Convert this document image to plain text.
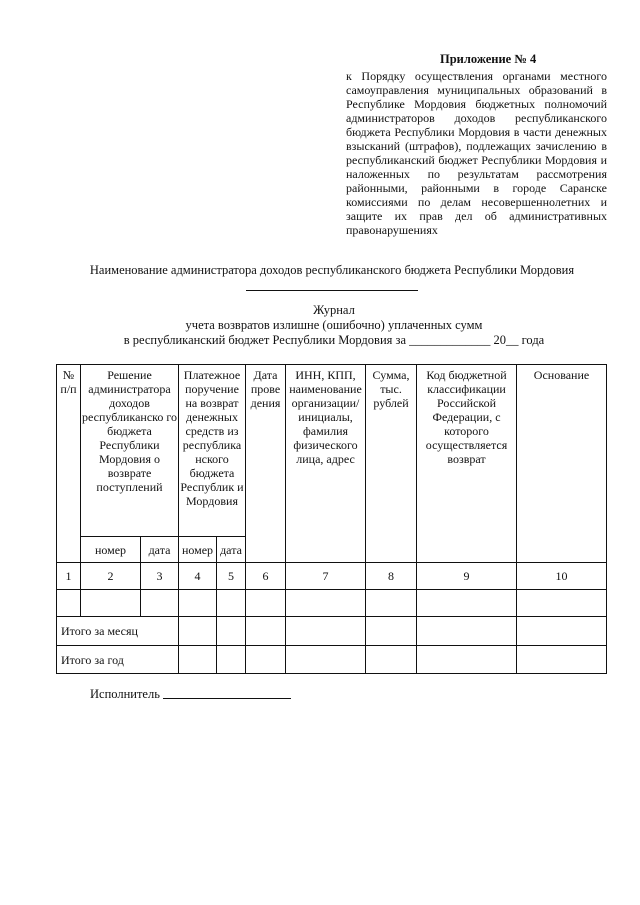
Приложение № 4
к Порядку осуществления органами местного самоуправления муниципальных образований в Республике Мордовия бюджетных полномочий администраторов доходов республиканского бюджета Республики Мордовия в части денежных взысканий (штрафов), подлежащих зачислению в республиканский бюджет Республики Мордовия и наложенных по результатам рассмотрения районными, районными в городе Саранске комиссиями по делам несовершеннолетних и защите их прав дел об административных правонарушениях
Наименование администратора доходов республиканского бюджета Республики Мордовия
Журнал
учета возвратов излишне (ошибочно) уплаченных сумм
в республиканский бюджет Республики Мордовия за _____________ 20__ года
№ п/п	Решение администратора доходов республиканско го бюджета Республики Мордовия о возврате поступлений		Платежное поручение на возврат денежных средств из республика нского бюджета Республик и Мордовия		Дата прове дения	ИНН, КПП, наименование организации/ инициалы, фамилия физического лица, адрес	Сумма, тыс. рублей	Код бюджетной классификации Российской Федерации, с которого осуществляется возврат	Основание
	номер	дата	номер	дата					
1	2	3	4	5	6	7	8	9	10

Итого за месяц									
Итого за год									
Исполнитель
